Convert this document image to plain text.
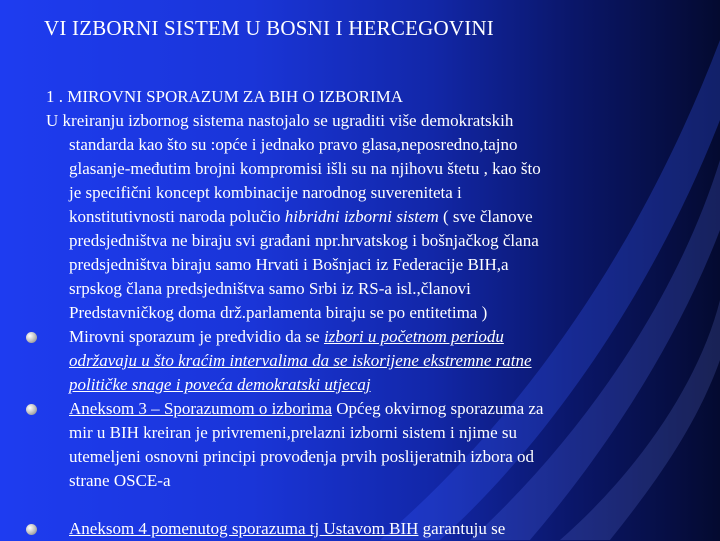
VI IZBORNI SISTEM U BOSNI I HERCEGOVINI
1 . MIROVNI SPORAZUM ZA BIH O IZBORIMA
U kreiranju izbornog sistema nastojalo se ugraditi više demokratskih
standarda kao što su :opće i jednako pravo glasa,neposredno,tajno
glasanje-međutim brojni kompromisi išli su na njihovu štetu , kao što
je specifični koncept kombinacije narodnog suvereniteta i
konstitutivnosti naroda polučio hibridni izborni sistem ( sve članove
predsjedništva ne biraju svi građani npr.hrvatskog i bošnjačkog člana
predsjedništva biraju samo Hrvati i Bošnjaci iz Federacije BIH,a
srpskog člana predsjedništva samo Srbi iz RS-a isl.,članovi
Predstavničkog doma drž.parlamenta biraju se po entitetima )
Mirovni sporazum je predvidio da se izbori u početnom periodu
održavaju u što kraćim intervalima da se iskorijene ekstremne ratne
političke snage i poveća demokratski utjecaj
Aneksom 3 – Sporazumom o izborima Općeg okvirnog sporazuma za
mir u BIH kreiran je privremeni,prelazni izborni sistem i njime su
utemeljeni osnovni principi provođenja prvih poslijeratnih izbora od
strane OSCE-a
Aneksom 4 pomenutog sporazuma tj Ustavom BIH garantuju se
